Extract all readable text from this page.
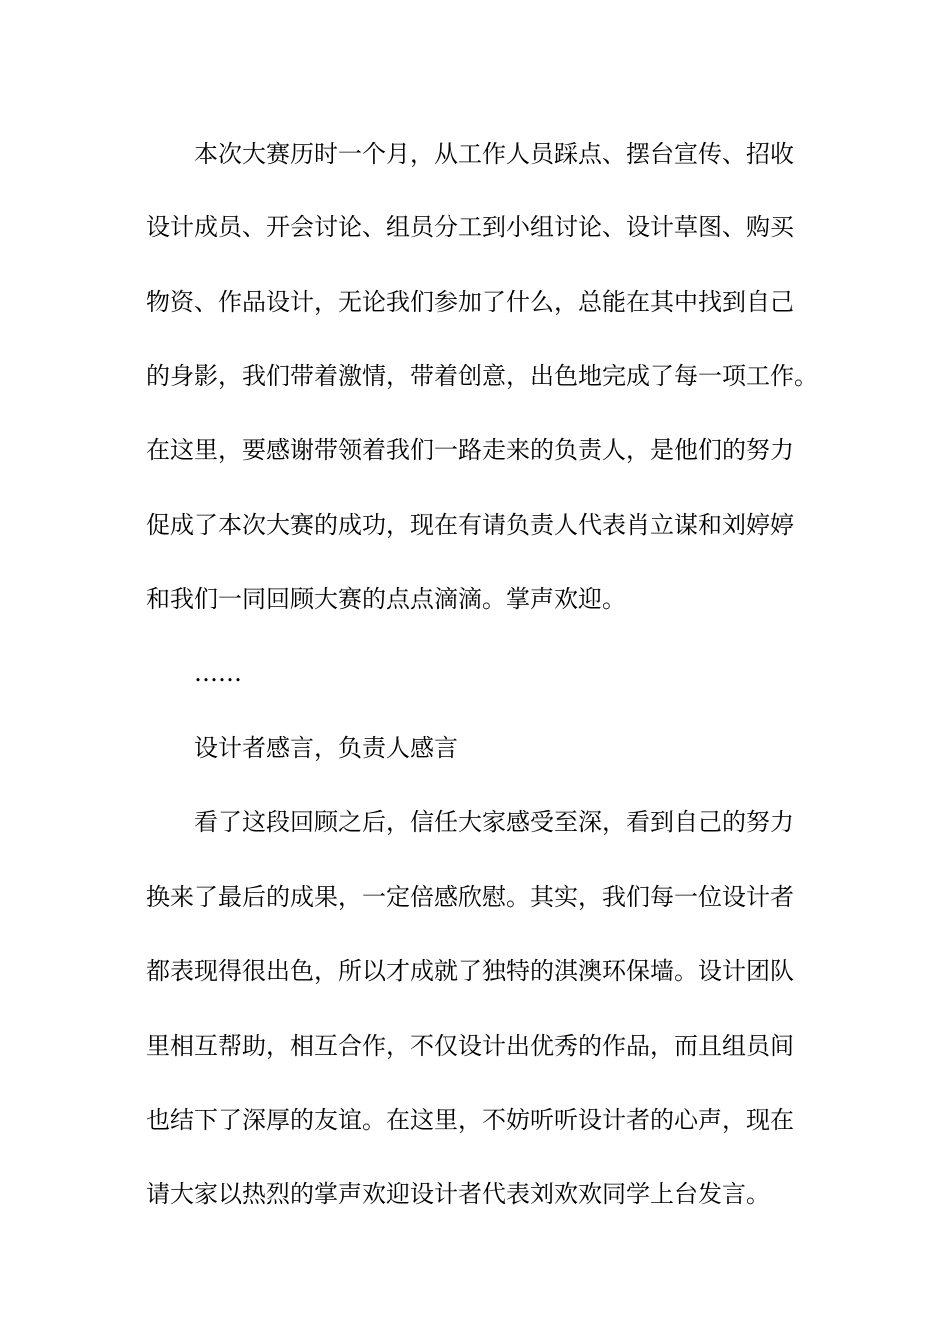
本次大赛历时一个月，从工作人员踩点、摆台宣传、招收
设计成员、开会讨论、组员分工到小组讨论、设计草图、购买
物资、作品设计，无论我们参加了什么，总能在其中找到自己
的身影，我们带着激情，带着创意，出色地完成了每一项工作。
在这里，要感谢带领着我们一路走来的负责人，是他们的努力
促成了本次大赛的成功，现在有请负责人代表肖立谋和刘婷婷
和我们一同回顾大赛的点点滴滴。掌声欢迎。
……
设计者感言，负责人感言
看了这段回顾之后，信任大家感受至深，看到自己的努力
换来了最后的成果，一定倍感欣慰。其实，我们每一位设计者
都表现得很出色，所以才成就了独特的淇澳环保墙。设计团队
里相互帮助，相互合作，不仅设计出优秀的作品，而且组员间
也结下了深厚的友谊。在这里，不妨听听设计者的心声，现在
请大家以热烈的掌声欢迎设计者代表刘欢欢同学上台发言。
